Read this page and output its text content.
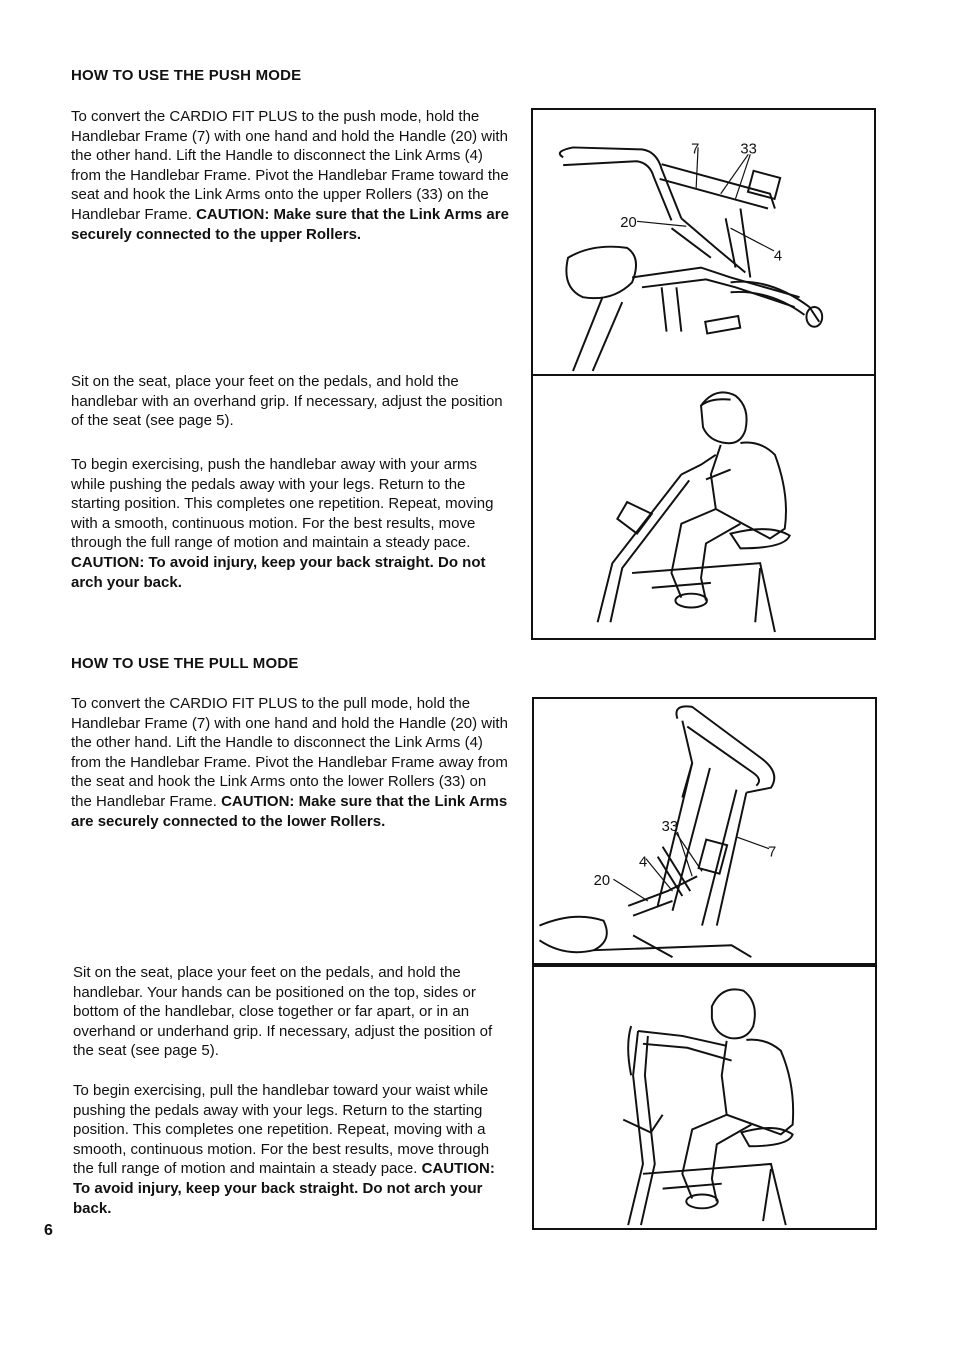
HOW TO USE THE PUSH MODE
To convert the CARDIO FIT PLUS to the push mode, hold the Handlebar Frame (7) with one hand and hold the Handle (20) with the other hand. Lift the Handle to disconnect the Link Arms (4) from the Handlebar Frame. Pivot the Handlebar Frame toward the seat and hook the Link Arms onto the upper Rollers (33) on the Handlebar Frame. CAUTION: Make sure that the Link Arms are securely connected to the upper Rollers.
Sit on the seat, place your feet on the pedals, and hold the handlebar with an overhand grip. If necessary, adjust the position of the seat (see page 5).
To begin exercising, push the handlebar away with your arms while pushing the pedals away with your legs. Return to the starting position. This completes one repetition. Repeat, moving with a smooth, continuous motion. For the best results, move through the full range of motion and maintain a steady pace. CAUTION: To avoid injury, keep your back straight. Do not arch your back.
7	33
20
4
HOW TO USE THE PULL MODE
To convert the CARDIO FIT PLUS to the pull mode, hold the Handlebar Frame (7) with one hand and hold the Handle (20) with the other hand. Lift the Handle to disconnect the Link Arms (4) from the Handlebar Frame. Pivot the Handlebar Frame away from the seat and hook the Link Arms onto the lower Rollers (33) on the Handlebar Frame. CAUTION: Make sure that the Link Arms are securely connected to the lower Rollers.
Sit on the seat, place your feet on the pedals, and hold the handlebar. Your hands can be positioned on the top, sides or bottom of the handlebar, close together or far apart, or in an overhand or underhand grip. If necessary, adjust the position of the seat (see page 5).
To begin exercising, pull the handlebar toward your waist while pushing the pedals away with your legs. Return to the starting position. This completes one repetition. Repeat, moving with a smooth, continuous motion. For the best results, move through the full range of motion and maintain a steady pace. CAUTION: To avoid injury, keep your back straight. Do not arch your back.
33
7
4
20
6
